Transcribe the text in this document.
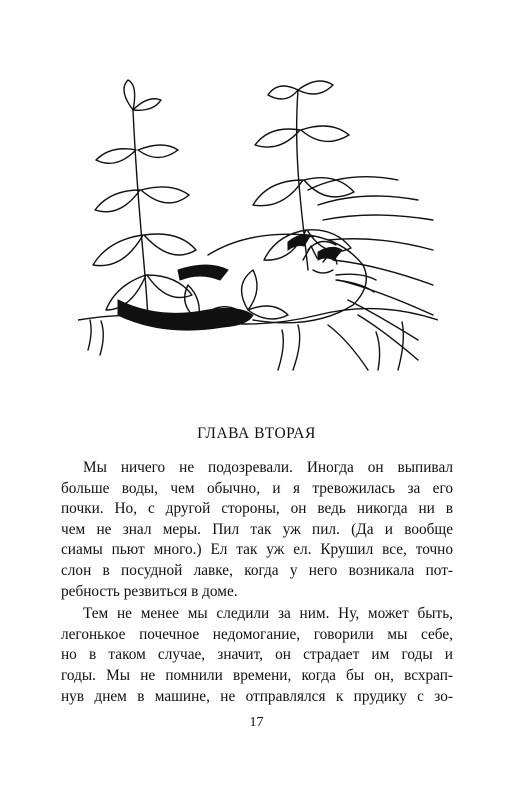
ГЛАВА ВТОРАЯ
Мы ничего не подозревали. Иногда он выпивал
больше воды, чем обычно, и я тревожилась за его
почки. Но, с другой стороны, он ведь никогда ни в
чем не знал меры. Пил так уж пил. (Да и вообще
сиамы пьют много.) Ел так уж ел. Крушил все, точно
слон в посудной лавке, когда у него возникала пот-
ребность резвиться в доме.
Тем не менее мы следили за ним. Ну, может быть,
легонькое почечное недомогание, говорили мы себе,
но в таком случае, значит, он страдает им годы и
годы. Мы не помнили времени, когда бы он, всхрап-
нув днем в машине, не отправлялся к прудику с зо-
17
